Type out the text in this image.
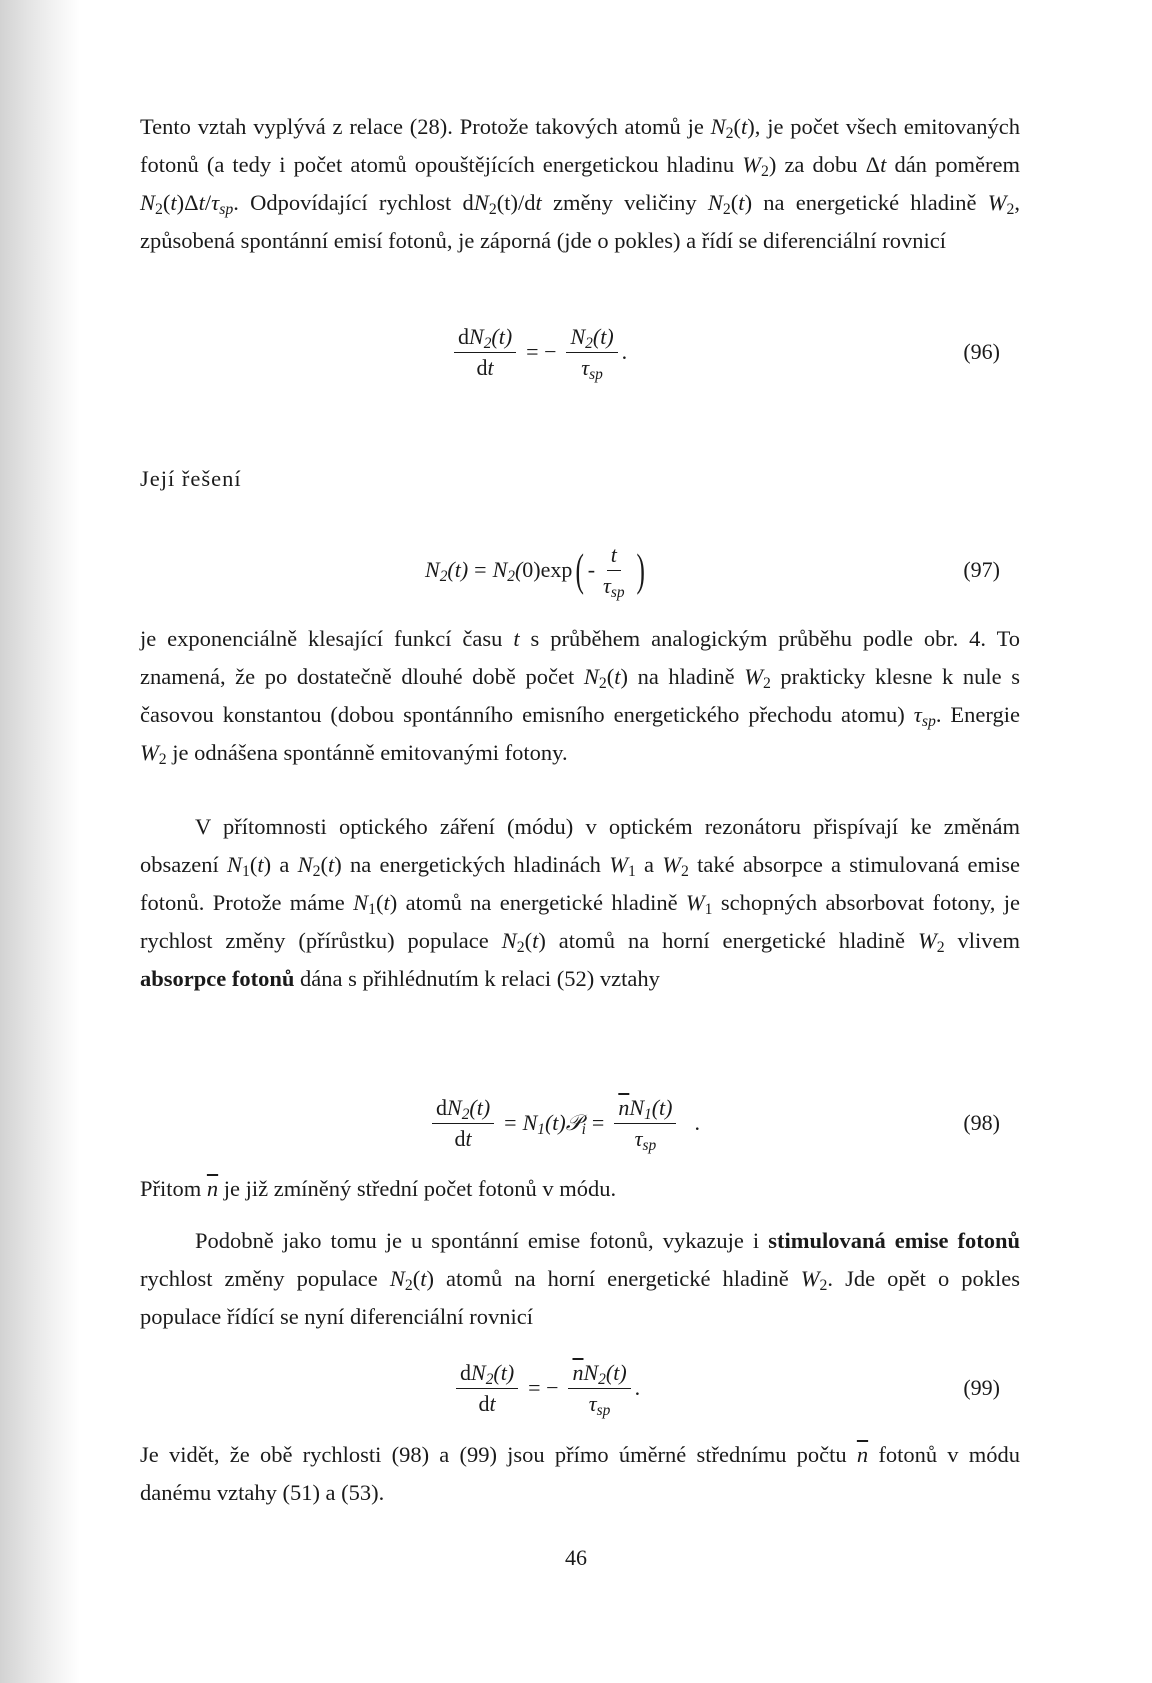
Tento vztah vyplývá z relace (28). Protože takových atomů je $N_2(t)$, je počet všech emitovaných fotonů (a tedy i počet atomů opouštějících energetickou hladinu $W_2$) za dobu Δt dán poměrem $N_2(t)\Delta t/\tau_{sp}$. Odpovídající rychlost $dN_2(t)/dt$ změny veličiny $N_2(t)$ na energetické hladině $W_2$, způsobená spontánní emisí fotonů, je záporná (jde o pokles) a řídí se diferenciální rovnicí

$\frac{dN_2(t)}{dt}$ = − $\frac{N_2(t)}{\tau_{sp}}$ .	(96)

Její řešení

$N_2(t) = N_2(0)\exp$ ( - $\frac{t}{\tau_{sp}}$ )	(97)

je exponenciálně klesající funkcí času t s průběhem analogickým průběhu podle obr. 4. To znamená, že po dostatečně dlouhé době počet $N_2(t)$ na hladině $W_2$ prakticky klesne k nule s časovou konstantou (dobou spontánního emisního energetického přechodu atomu) $\tau_{sp}$. Energie $W_2$ je odnášena spontánně emitovanými fotony.

V přítomnosti optického záření (módu) v optickém rezonátoru přispívají ke změnám obsazení $N_1(t)$ a $N_2(t)$ na energetických hladinách $W_1$ a $W_2$ také absorpce a stimulovaná emise fotonů. Protože máme $N_1(t)$ atomů na energetické hladině $W_1$ schopných absorbovat fotony, je rychlost změny (přírůstku) populace $N_2(t)$ atomů na horní energetické hladině $W_2$ vlivem absorpce fotonů dána s přihlédnutím k relaci (52) vztahy

$\frac{dN_2(t)}{dt}$ = $N_1(t)𝒫_i = \frac{\overline{n}N_1(t)}{\tau_{sp}}$ .	(98)

Přitom $\overline{n}$ je již zmíněný střední počet fotonů v módu.

Podobně jako tomu je u spontánní emise fotonů, vykazuje i stimulovaná emise fotonů rychlost změny populace $N_2(t)$ atomů na horní energetické hladině $W_2$. Jde opět o pokles populace řídící se nyní diferenciální rovnicí

$\frac{dN_2(t)}{dt}$ = − $\frac{\overline{n}N_2(t)}{\tau_{sp}}$ .	(99)

Je vidět, že obě rychlosti (98) a (99) jsou přímo úměrné střednímu počtu $\overline{n}$ fotonů v módu danému vztahy (51) a (53).

46
